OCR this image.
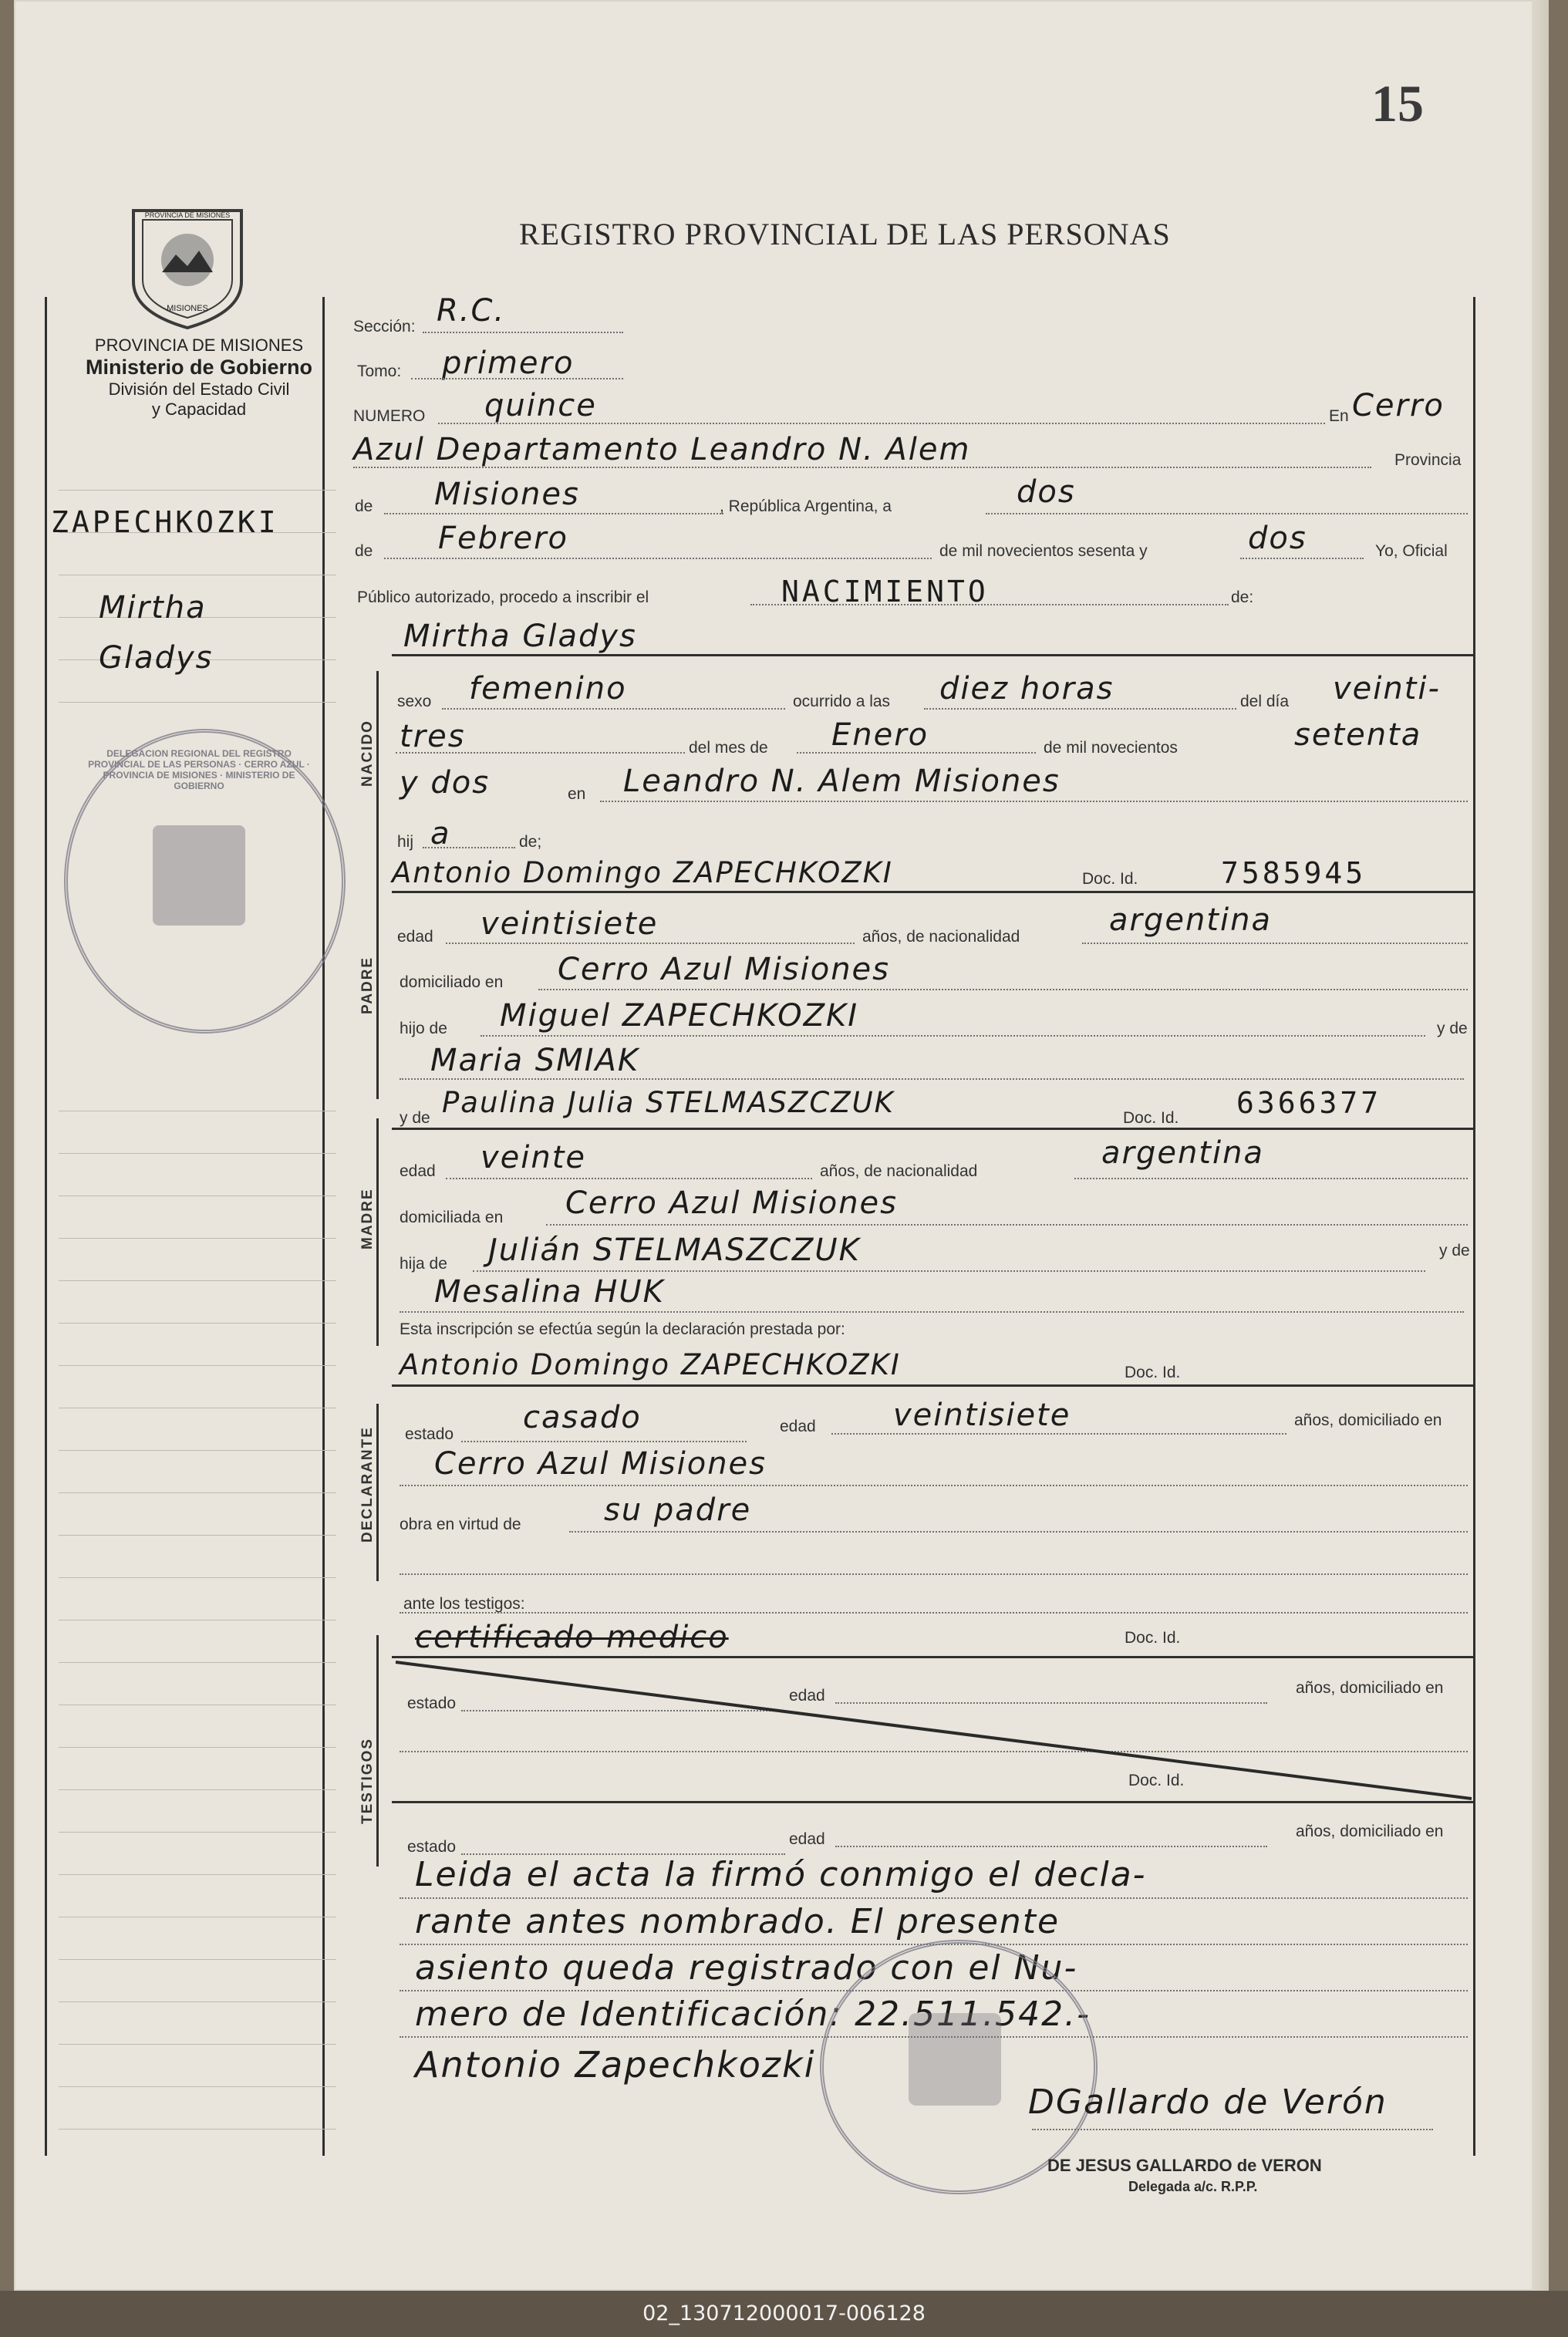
15
REGISTRO PROVINCIAL DE LAS PERSONAS
PROVINCIA DE MISIONES
MISIONES
PROVINCIA DE MISIONES
Ministerio de Gobierno
División del Estado Civil
y Capacidad
ZAPECHKOZKI
Mirtha
Gladys
DELEGACION REGIONAL DEL REGISTRO PROVINCIAL DE LAS PERSONAS · CERRO AZUL · PROVINCIA DE MISIONES · MINISTERIO DE GOBIERNO	NACIDO
PADRE
MADRE
DECLARANTE
TESTIGOS
Sección: R.C.
Tomo: primero
NUMERO quince	En Cerro
Azul Departamento Leandro N. Alem	Provincia
de Misiones	, República Argentina, a	dos
de Febrero	de mil novecientos sesenta y	dos	Yo, Oficial
Público autorizado, procedo a inscribir el	NACIMIENTO	de:
Mirtha Gladys
sexo femenino	ocurrido a las diez horas	del día veinti-
tres	del mes de Enero	de mil novecientos	setenta
y dos	en Leandro N. Alem Misiones
hij a	de;
Antonio Domingo ZAPECHKOZKI	Doc. Id.	7585945
edad veintisiete	años, de nacionalidad	argentina
domiciliado en Cerro Azul Misiones
hijo de Miguel ZAPECHKOZKI	y de
Maria SMIAK
y de Paulina Julia STELMASZCZUK	Doc. Id. 6366377
edad veinte	años, de nacionalidad
argentina
domiciliada en Cerro Azul Misiones
hija de Julián STELMASZCZUK	y de
Mesalina HUK
Esta inscripción se efectúa según la declaración prestada por:
Antonio Domingo ZAPECHKOZKI	Doc. Id.
estado casado	edad	veintisiete	años, domiciliado en
Cerro Azul Misiones
obra en virtud de	su padre
ante los testigos:
certificado medico	Doc. Id.
estado	edad	años, domiciliado en
Doc. Id.
estado	edad	años, domiciliado en
Leida el acta la firmó conmigo el decla-
rante antes nombrado. El presente
asiento queda registrado con el Nu-
mero de Identificación: 22.511.542.-
Antonio Zapechkozki
DGallardo de Verón
DE JESUS GALLARDO de VERON
Delegada a/c. R.P.P.
02_130712000017-006128
